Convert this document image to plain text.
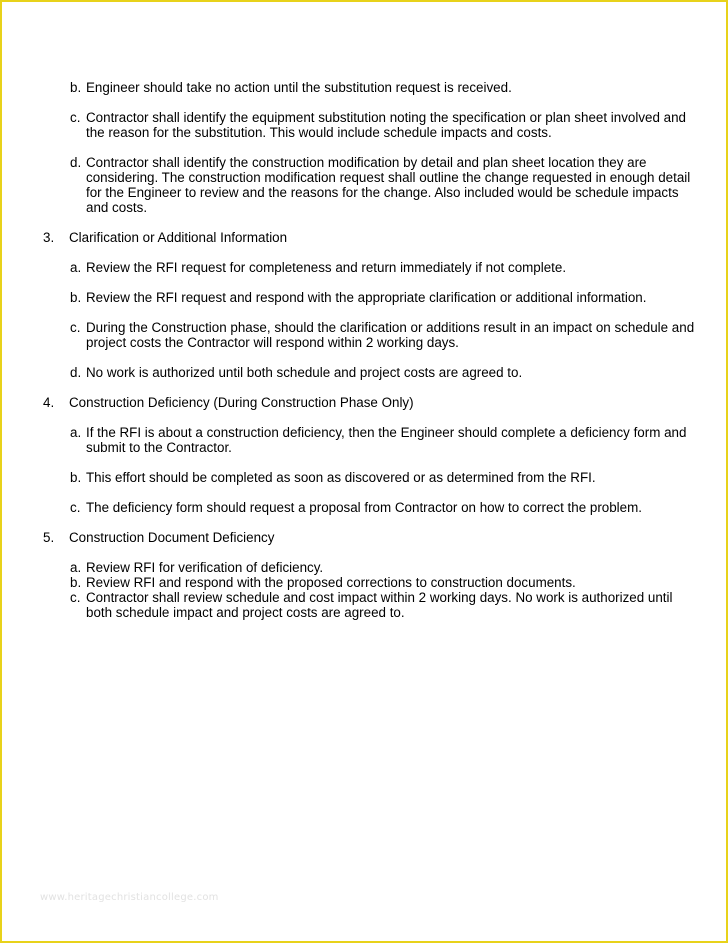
b. Engineer should take no action until the substitution request is received.
c. Contractor shall identify the equipment substitution noting the specification or plan sheet involved and the reason for the substitution. This would include schedule impacts and costs.
d. Contractor shall identify the construction modification by detail and plan sheet location they are considering. The construction modification request shall outline the change requested in enough detail for the Engineer to review and the reasons for the change. Also included would be schedule impacts and costs.
3. Clarification or Additional Information
a. Review the RFI request for completeness and return immediately if not complete.
b. Review the RFI request and respond with the appropriate clarification or additional information.
c. During the Construction phase, should the clarification or additions result in an impact on schedule and project costs the Contractor will respond within 2 working days.
d. No work is authorized until both schedule and project costs are agreed to.
4. Construction Deficiency (During Construction Phase Only)
a. If the RFI is about a construction deficiency, then the Engineer should complete a deficiency form and submit to the Contractor.
b. This effort should be completed as soon as discovered or as determined from the RFI.
c. The deficiency form should request a proposal from Contractor on how to correct the problem.
5. Construction Document Deficiency
a. Review RFI for verification of deficiency.
b. Review RFI and respond with the proposed corrections to construction documents.
c. Contractor shall review schedule and cost impact within 2 working days. No work is authorized until both schedule impact and project costs are agreed to.
www.heritagechristiancollege.com
